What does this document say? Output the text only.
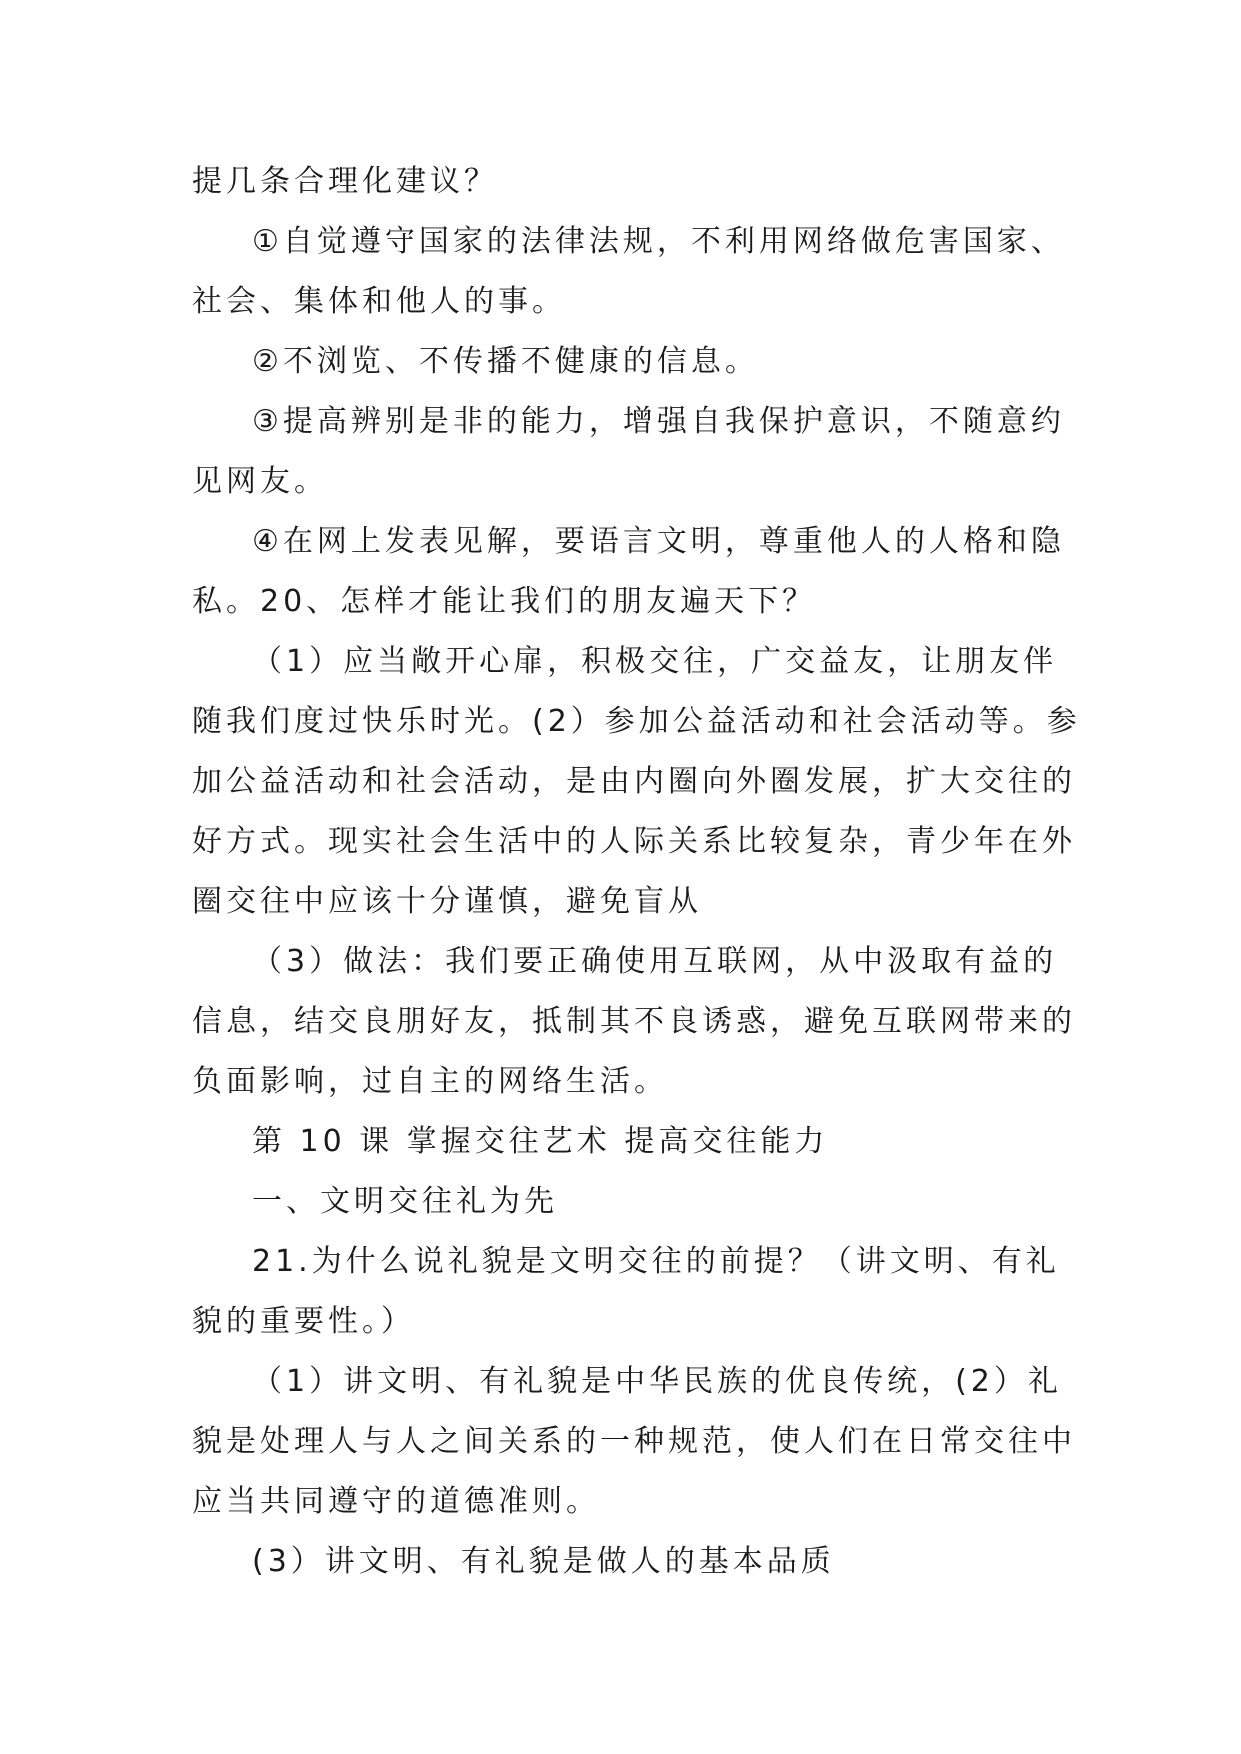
提几条合理化建议？

①自觉遵守国家的法律法规，不利用网络做危害国家、社会、集体和他人的事。

②不浏览、不传播不健康的信息。

③提高辨别是非的能力，增强自我保护意识，不随意约见网友。

④在网上发表见解，要语言文明，尊重他人的人格和隐私。20、怎样才能让我们的朋友遍天下？

（1）应当敞开心扉，积极交往，广交益友，让朋友伴随我们度过快乐时光。(2）参加公益活动和社会活动等。参加公益活动和社会活动，是由内圈向外圈发展，扩大交往的好方式。现实社会生活中的人际关系比较复杂，青少年在外圈交往中应该十分谨慎，避免盲从

（3）做法：我们要正确使用互联网，从中汲取有益的信息，结交良朋好友，抵制其不良诱惑，避免互联网带来的负面影响，过自主的网络生活。

第 10 课 掌握交往艺术 提高交往能力

一、文明交往礼为先

21.为什么说礼貌是文明交往的前提？（讲文明、有礼貌的重要性。）

（1）讲文明、有礼貌是中华民族的优良传统，(2）礼貌是处理人与人之间关系的一种规范，使人们在日常交往中应当共同遵守的道德准则。

(3）讲文明、有礼貌是做人的基本品质
